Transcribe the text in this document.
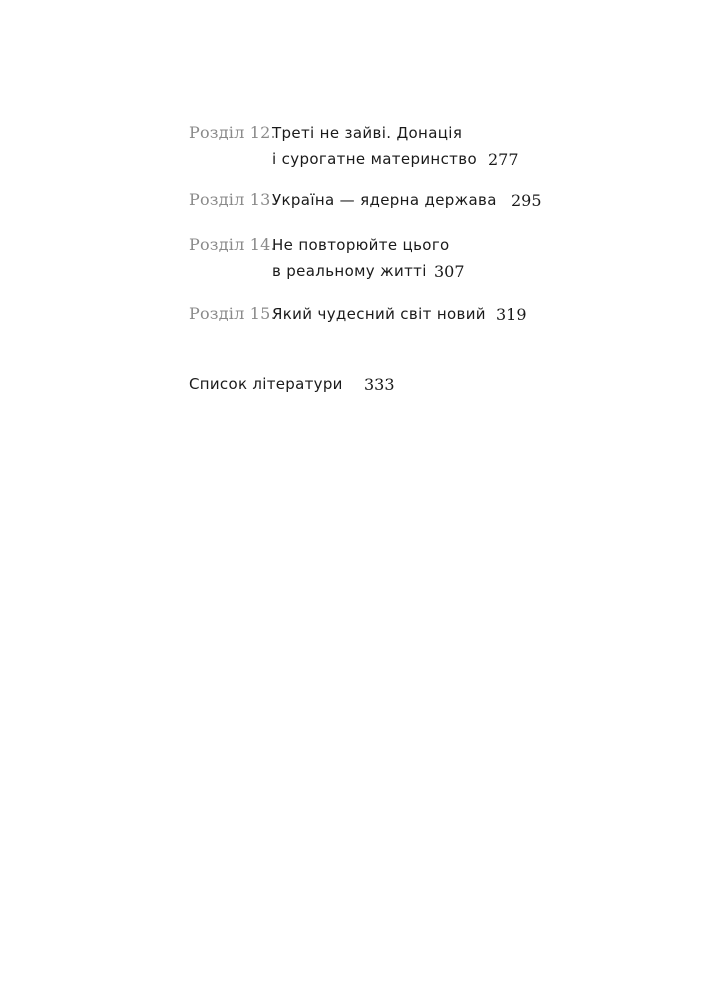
Розділ 12.
Треті не зайві. Донація
і сурогатне материнство 277
Розділ 13.
Україна — ядерна держава 295
Розділ 14.
Не повторюйте цього
в реальному житті 307
Розділ 15.
Який чудесний світ новий 319
Список літератури 333
